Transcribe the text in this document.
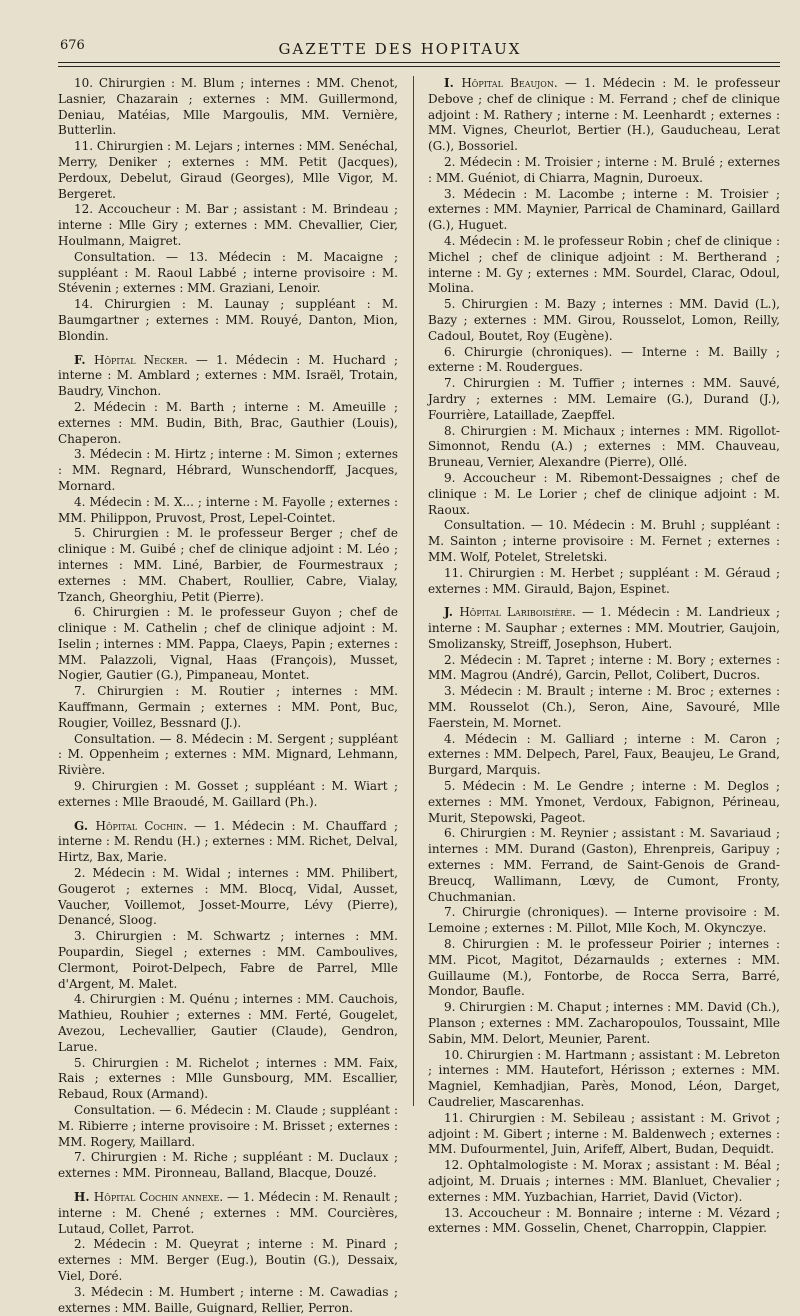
676	GAZETTE DES HOPITAUX

10. Chirurgien : M. Blum ; internes : MM. Chenot, Lasnier, Chazarain ; externes : MM. Guillermond, Deniau, Matéias, Mlle Margoulis, MM. Vernière, Butterlin.

11. Chirurgien : M. Lejars ; internes : MM. Senéchal, Merry, Deniker ; externes : MM. Petit (Jacques), Perdoux, Debelut, Giraud (Georges), Mlle Vigor, M. Bergeret.

12. Accoucheur : M. Bar ; assistant : M. Brindeau ; interne : Mlle Giry ; externes : MM. Chevallier, Cier, Houlmann, Maigret.

Consultation. — 13. Médecin : M. Macaigne ; suppléant : M. Raoul Labbé ; interne provisoire : M. Stévenin ; externes : MM. Graziani, Lenoir.

14. Chirurgien : M. Launay ; suppléant : M. Baumgartner ; externes : MM. Rouyé, Danton, Mion, Blondin.

F. Hôpital Necker. — 1. Médecin : M. Huchard ; interne : M. Amblard ; externes : MM. Israël, Trotain, Baudry, Vinchon.

2. Médecin : M. Barth ; interne : M. Ameuille ; externes : MM. Budin, Bith, Brac, Gauthier (Louis), Chaperon.

3. Médecin : M. Hirtz ; interne : M. Simon ; externes : MM. Regnard, Hébrard, Wunschendorff, Jacques, Mornard.

4. Médecin : M. X... ; interne : M. Fayolle ; externes : MM. Philippon, Pruvost, Prost, Lepel-Cointet.

5. Chirurgien : M. le professeur Berger ; chef de clinique : M. Guibé ; chef de clinique adjoint : M. Léo ; internes : MM. Liné, Barbier, de Fourmestraux ; externes : MM. Chabert, Roullier, Cabre, Vialay, Tzanch, Gheorghiu, Petit (Pierre).

6. Chirurgien : M. le professeur Guyon ; chef de clinique : M. Cathelin ; chef de clinique adjoint : M. Iselin ; internes : MM. Pappa, Claeys, Papin ; externes : MM. Palazzoli, Vignal, Haas (François), Musset, Nogier, Gautier (G.), Pimpaneau, Montet.

7. Chirurgien : M. Routier ; internes : MM. Kauffmann, Germain ; externes : MM. Pont, Buc, Rougier, Voillez, Bessnard (J.).

Consultation. — 8. Médecin : M. Sergent ; suppléant : M. Oppenheim ; externes : MM. Mignard, Lehmann, Rivière.

9. Chirurgien : M. Gosset ; suppléant : M. Wiart ; externes : Mlle Braoudé, M. Gaillard (Ph.).

G. Hôpital Cochin. — 1. Médecin : M. Chauffard ; interne : M. Rendu (H.) ; externes : MM. Richet, Delval, Hirtz, Bax, Marie.

2. Médecin : M. Widal ; internes : MM. Philibert, Gougerot ; externes : MM. Blocq, Vidal, Ausset, Vaucher, Voillemot, Josset-Mourre, Lévy (Pierre), Denancé, Sloog.

3. Chirurgien : M. Schwartz ; internes : MM. Poupardin, Siegel ; externes : MM. Camboulives, Clermont, Poirot-Delpech, Fabre de Parrel, Mlle d'Argent, M. Malet.

4. Chirurgien : M. Quénu ; internes : MM. Cauchois, Mathieu, Rouhier ; externes : MM. Ferté, Gougelet, Avezou, Lechevallier, Gautier (Claude), Gendron, Larue.

5. Chirurgien : M. Richelot ; internes : MM. Faix, Rais ; externes : Mlle Gunsbourg, MM. Escallier, Rebaud, Roux (Armand).

Consultation. — 6. Médecin : M. Claude ; suppléant : M. Ribierre ; interne provisoire : M. Brisset ; externes : MM. Rogery, Maillard.

7. Chirurgien : M. Riche ; suppléant : M. Duclaux ; externes : MM. Pironneau, Balland, Blacque, Douzé.

H. Hôpital Cochin annexe. — 1. Médecin : M. Renault ; interne : M. Chené ; externes : MM. Courcières, Lutaud, Collet, Parrot.

2. Médecin : M. Queyrat ; interne : M. Pinard ; externes : MM. Berger (Eug.), Boutin (G.), Dessaix, Viel, Doré.

3. Médecin : M. Humbert ; interne : M. Cawadias ; externes : MM. Baille, Guignard, Rellier, Perron.

I. Hôpital Beaujon. — 1. Médecin : M. le professeur Debove ; chef de clinique : M. Ferrand ; chef de clinique adjoint : M. Rathery ; interne : M. Leenhardt ; externes : MM. Vignes, Cheurlot, Bertier (H.), Gauducheau, Lerat (G.), Bossoriel.

2. Médecin : M. Troisier ; interne : M. Brulé ; externes : MM. Guéniot, di Chiarra, Magnin, Duroeux.

3. Médecin : M. Lacombe ; interne : M. Troisier ; externes : MM. Maynier, Parrical de Chaminard, Gaillard (G.), Huguet.

4. Médecin : M. le professeur Robin ; chef de clinique : Michel ; chef de clinique adjoint : M. Bertherand ; interne : M. Gy ; externes : MM. Sourdel, Clarac, Odoul, Molina.

5. Chirurgien : M. Bazy ; internes : MM. David (L.), Bazy ; externes : MM. Girou, Rousselot, Lomon, Reilly, Cadoul, Boutet, Roy (Eugène).

6. Chirurgie (chroniques). — Interne : M. Bailly ; externe : M. Roudergues.

7. Chirurgien : M. Tuffier ; internes : MM. Sauvé, Jardry ; externes : MM. Lemaire (G.), Durand (J.), Fourrière, Lataillade, Zaepffel.

8. Chirurgien : M. Michaux ; internes : MM. Rigollot-Simonnot, Rendu (A.) ; externes : MM. Chauveau, Bruneau, Vernier, Alexandre (Pierre), Ollé.

9. Accoucheur : M. Ribemont-Dessaignes ; chef de clinique : M. Le Lorier ; chef de clinique adjoint : M. Raoux.

Consultation. — 10. Médecin : M. Bruhl ; suppléant : M. Sainton ; interne provisoire : M. Fernet ; externes : MM. Wolf, Potelet, Streletski.

11. Chirurgien : M. Herbet ; suppléant : M. Géraud ; externes : MM. Girauld, Bajon, Espinet.

J. Hôpital Lariboisière. — 1. Médecin : M. Landrieux ; interne : M. Sauphar ; externes : MM. Moutrier, Gaujoin, Smolizansky, Streiff, Josephson, Hubert.

2. Médecin : M. Tapret ; interne : M. Bory ; externes : MM. Magrou (André), Garcin, Pellot, Colibert, Ducros.

3. Médecin : M. Brault ; interne : M. Broc ; externes : MM. Rousselot (Ch.), Seron, Aine, Savouré, Mlle Faerstein, M. Mornet.

4. Médecin : M. Galliard ; interne : M. Caron ; externes : MM. Delpech, Parel, Faux, Beaujeu, Le Grand, Burgard, Marquis.

5. Médecin : M. Le Gendre ; interne : M. Deglos ; externes : MM. Ymonet, Verdoux, Fabignon, Périneau, Murit, Stepowski, Pageot.

6. Chirurgien : M. Reynier ; assistant : M. Savariaud ; internes : MM. Durand (Gaston), Ehrenpreis, Garipuy ; externes : MM. Ferrand, de Saint-Genois de Grand-Breucq, Wallimann, Lœvy, de Cumont, Fronty, Chuchmanian.

7. Chirurgie (chroniques). — Interne provisoire : M. Lemoine ; externes : M. Pillot, Mlle Koch, M. Okynczye.

8. Chirurgien : M. le professeur Poirier ; internes : MM. Picot, Magitot, Dézarnaulds ; externes : MM. Guillaume (M.), Fontorbe, de Rocca Serra, Barré, Mondor, Baufle.

9. Chirurgien : M. Chaput ; internes : MM. David (Ch.), Planson ; externes : MM. Zacharopoulos, Toussaint, Mlle Sabin, MM. Delort, Meunier, Parent.

10. Chirurgien : M. Hartmann ; assistant : M. Lebreton ; internes : MM. Hautefort, Hérisson ; externes : MM. Magniel, Kemhadjian, Parès, Monod, Léon, Darget, Caudrelier, Mascarenhas.

11. Chirurgien : M. Sebileau ; assistant : M. Grivot ; adjoint : M. Gibert ; interne : M. Baldenwech ; externes : MM. Dufourmentel, Juin, Arifeff, Albert, Budan, Dequidt.

12. Ophtalmologiste : M. Morax ; assistant : M. Béal ; adjoint, M. Druais ; internes : MM. Blanluet, Chevalier ; externes : MM. Yuzbachian, Harriet, David (Victor).

13. Accoucheur : M. Bonnaire ; interne : M. Vézard ; externes : MM. Gosselin, Chenet, Charroppin, Clappier.
